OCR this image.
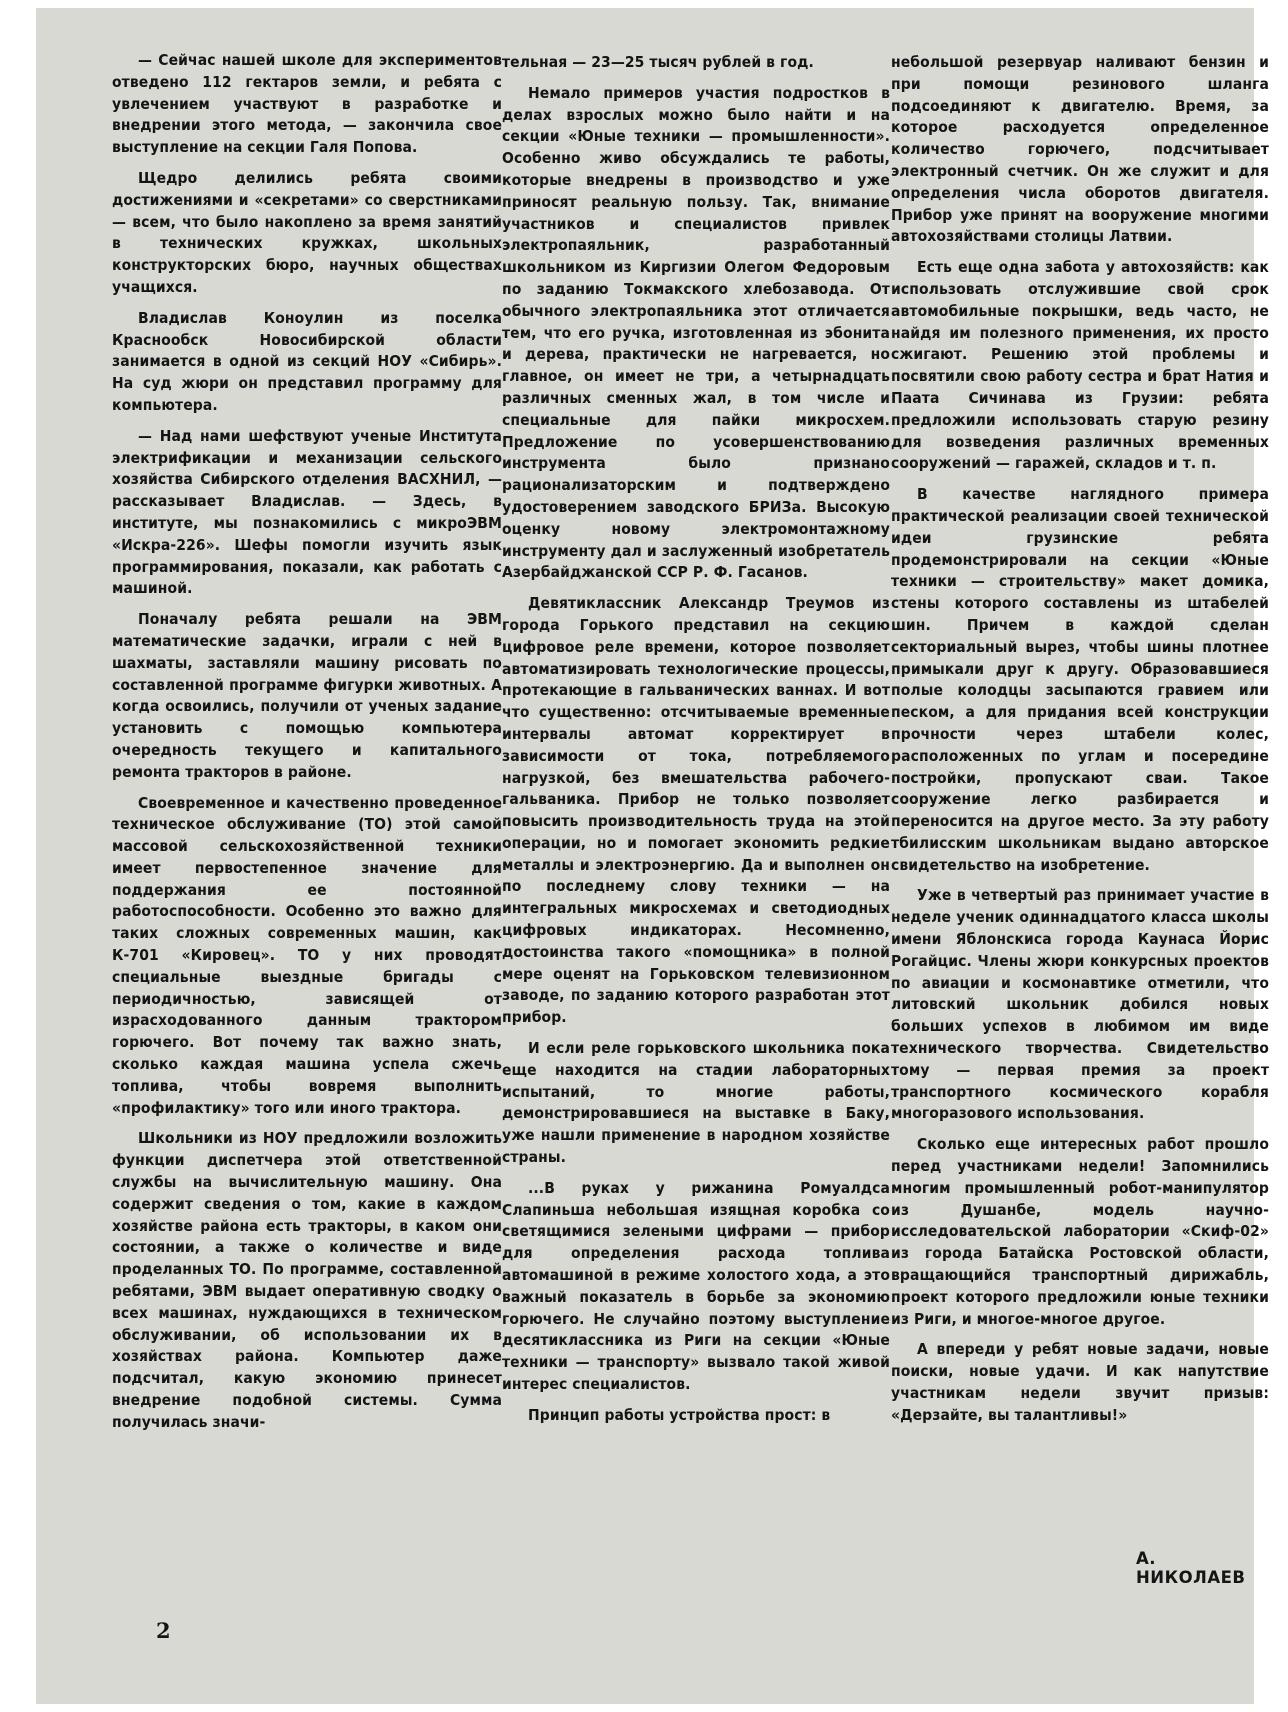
— Сейчас нашей школе для экспериментов отведено 112 гектаров земли, и ребята с увлечением участвуют в разработке и внедрении этого метода, — закончила свое выступление на секции Галя Попова.

Щедро делились ребята своими достижениями и «секретами» со сверстниками — всем, что было накоплено за время занятий в технических кружках, школьных конструкторских бюро, научных обществах учащихся.

Владислав Коноулин из поселка Краснообск Новосибирской области занимается в одной из секций НОУ «Сибирь». На суд жюри он представил программу для компьютера.

— Над нами шефствуют ученые Института электрификации и механизации сельского хозяйства Сибирского отделения ВАСХНИЛ, — рассказывает Владислав. — Здесь, в институте, мы познакомились с микроЭВМ «Искра-226». Шефы помогли изучить язык программирования, показали, как работать с машиной.

Поначалу ребята решали на ЭВМ математические задачки, играли с ней в шахматы, заставляли машину рисовать по составленной программе фигурки животных. А когда освоились, получили от ученых задание установить с помощью компьютера очередность текущего и капитального ремонта тракторов в районе.

Своевременное и качественно проведенное техническое обслуживание (ТО) этой самой массовой сельскохозяйственной техники имеет первостепенное значение для поддержания ее постоянной работоспособности. Особенно это важно для таких сложных современных машин, как К-701 «Кировец». ТО у них проводят специальные выездные бригады с периодичностью, зависящей от израсходованного данным трактором горючего. Вот почему так важно знать, сколько каждая машина успела сжечь топлива, чтобы вовремя выполнить «профилактику» того или иного трактора.

Школьники из НОУ предложили возложить функции диспетчера этой ответственной службы на вычислительную машину. Она содержит сведения о том, какие в каждом хозяйстве района есть тракторы, в каком они состоянии, а также о количестве и виде проделанных ТО. По программе, составленной ребятами, ЭВМ выдает оперативную сводку о всех машинах, нуждающихся в техническом обслуживании, об использовании их в хозяйствах района. Компьютер даже подсчитал, какую экономию принесет внедрение подобной системы. Сумма получилась значи-

тельная — 23—25 тысяч рублей в год.

Немало примеров участия подростков в делах взрослых можно было найти и на секции «Юные техники — промышленности». Особенно живо обсуждались те работы, которые внедрены в производство и уже приносят реальную пользу. Так, внимание участников и специалистов привлек электропаяльник, разработанный школьником из Киргизии Олегом Федоровым по заданию Токмакского хлебозавода. От обычного электропаяльника этот отличается тем, что его ручка, изготовленная из эбонита и дерева, практически не нагревается, но главное, он имеет не три, а четырнадцать различных сменных жал, в том числе и специальные для пайки микросхем. Предложение по усовершенствованию инструмента было признано рационализаторским и подтверждено удостоверением заводского БРИЗа. Высокую оценку новому электромонтажному инструменту дал и заслуженный изобретатель Азербайджанской ССР Р. Ф. Гасанов.

Девятиклассник Александр Треумов из города Горького представил на секцию цифровое реле времени, которое позволяет автоматизировать технологические процессы, протекающие в гальванических ваннах. И вот что существенно: отсчитываемые временные интервалы автомат корректирует в зависимости от тока, потребляемого нагрузкой, без вмешательства рабочего-гальваника. Прибор не только позволяет повысить производительность труда на этой операции, но и помогает экономить редкие металлы и электроэнергию. Да и выполнен он по последнему слову техники — на интегральных микросхемах и светодиодных цифровых индикаторах. Несомненно, достоинства такого «помощника» в полной мере оценят на Горьковском телевизионном заводе, по заданию которого разработан этот прибор.

И если реле горьковского школьника пока еще находится на стадии лабораторных испытаний, то многие работы, демонстрировавшиеся на выставке в Баку, уже нашли применение в народном хозяйстве страны.

...В руках у рижанина Ромуалдса Слапиньша небольшая изящная коробка со светящимися зелеными цифрами — прибор для определения расхода топлива автомашиной в режиме холостого хода, а это важный показатель в борьбе за экономию горючего. Не случайно поэтому выступление десятиклассника из Риги на секции «Юные техники — транспорту» вызвало такой живой интерес специалистов.

Принцип работы устройства прост: в

небольшой резервуар наливают бензин и при помощи резинового шланга подсоединяют к двигателю. Время, за которое расходуется определенное количество горючего, подсчитывает электронный счетчик. Он же служит и для определения числа оборотов двигателя. Прибор уже принят на вооружение многими автохозяйствами столицы Латвии.

Есть еще одна забота у автохозяйств: как использовать отслужившие свой срок автомобильные покрышки, ведь часто, не найдя им полезного применения, их просто сжигают. Решению этой проблемы и посвятили свою работу сестра и брат Натия и Паата Сичинава из Грузии: ребята предложили использовать старую резину для возведения различных временных сооружений — гаражей, складов и т. п.

В качестве наглядного примера практической реализации своей технической идеи грузинские ребята продемонстрировали на секции «Юные техники — строительству» макет домика, стены которого составлены из штабелей шин. Причем в каждой сделан секториальный вырез, чтобы шины плотнее примыкали друг к другу. Образовавшиеся полые колодцы засыпаются гравием или песком, а для придания всей конструкции прочности через штабели колес, расположенных по углам и посередине постройки, пропускают сваи. Такое сооружение легко разбирается и переносится на другое место. За эту работу тбилисским школьникам выдано авторское свидетельство на изобретение.

Уже в четвертый раз принимает участие в неделе ученик одиннадцатого класса школы имени Яблонскиса города Каунаса Йорис Рогайцис. Члены жюри конкурсных проектов по авиации и космонавтике отметили, что литовский школьник добился новых больших успехов в любимом им виде технического творчества. Свидетельство тому — первая премия за проект транспортного космического корабля многоразового использования.

Сколько еще интересных работ прошло перед участниками недели! Запомнились многим промышленный робот-манипулятор из Душанбе, модель научно-исследовательской лаборатории «Скиф-02» из города Батайска Ростовской области, вращающийся транспортный дирижабль, проект которого предложили юные техники из Риги, и многое-многое другое.

А впереди у ребят новые задачи, новые поиски, новые удачи. И как напутствие участникам недели звучит призыв: «Дерзайте, вы талантливы!»

А. НИКОЛАЕВ
2
